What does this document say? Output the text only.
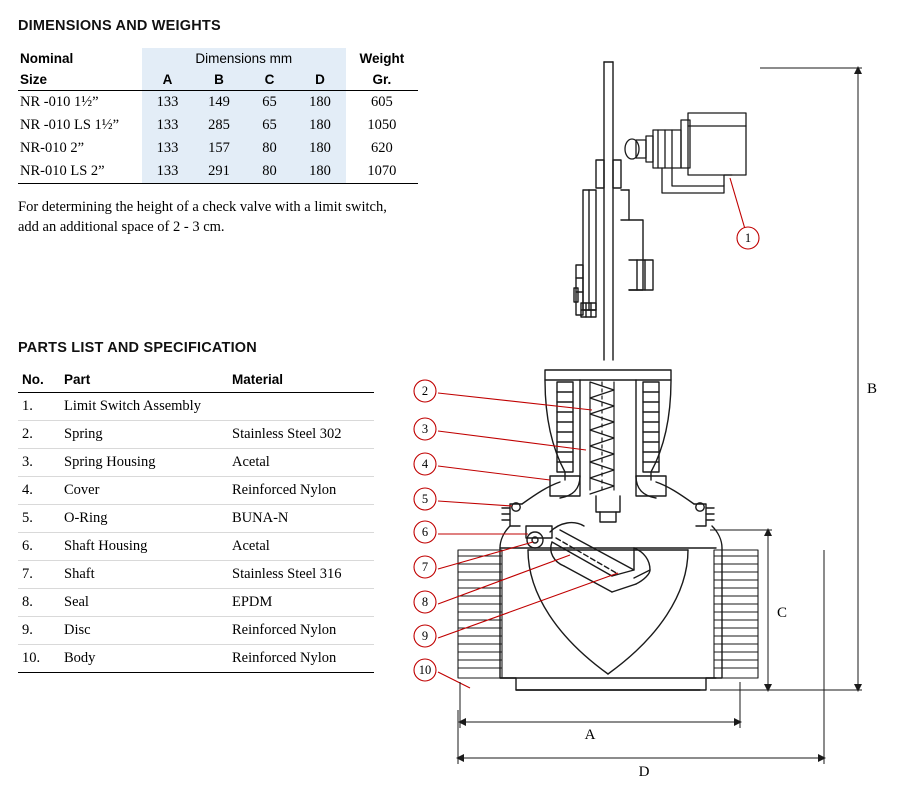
DIMENSIONS AND WEIGHTS
Nominal	Dimensions mm				Weight
Size	A	B	C	D	Gr.
NR -010 1½”	133	149	65	180	605
NR -010 LS 1½”	133	285	65	180	1050
NR-010 2”	133	157	80	180	620
NR-010 LS 2”	133	291	80	180	1070
For determining the height of a check valve with a limit switch,
add an additional space of 2 - 3 cm.
PARTS LIST AND SPECIFICATION
No.	Part	Material
1.	Limit Switch Assembly	
2.	Spring	Stainless Steel 302
3.	Spring Housing	Acetal
4.	Cover	Reinforced Nylon
5.	O-Ring	BUNA-N
6.	Shaft Housing	Acetal
7.	Shaft	Stainless Steel 316
8.	Seal	EPDM
9.	Disc	Reinforced Nylon
10.	Body	Reinforced Nylon
1
2
3
4
5
6
7
8
9
10
B
C
A
D
